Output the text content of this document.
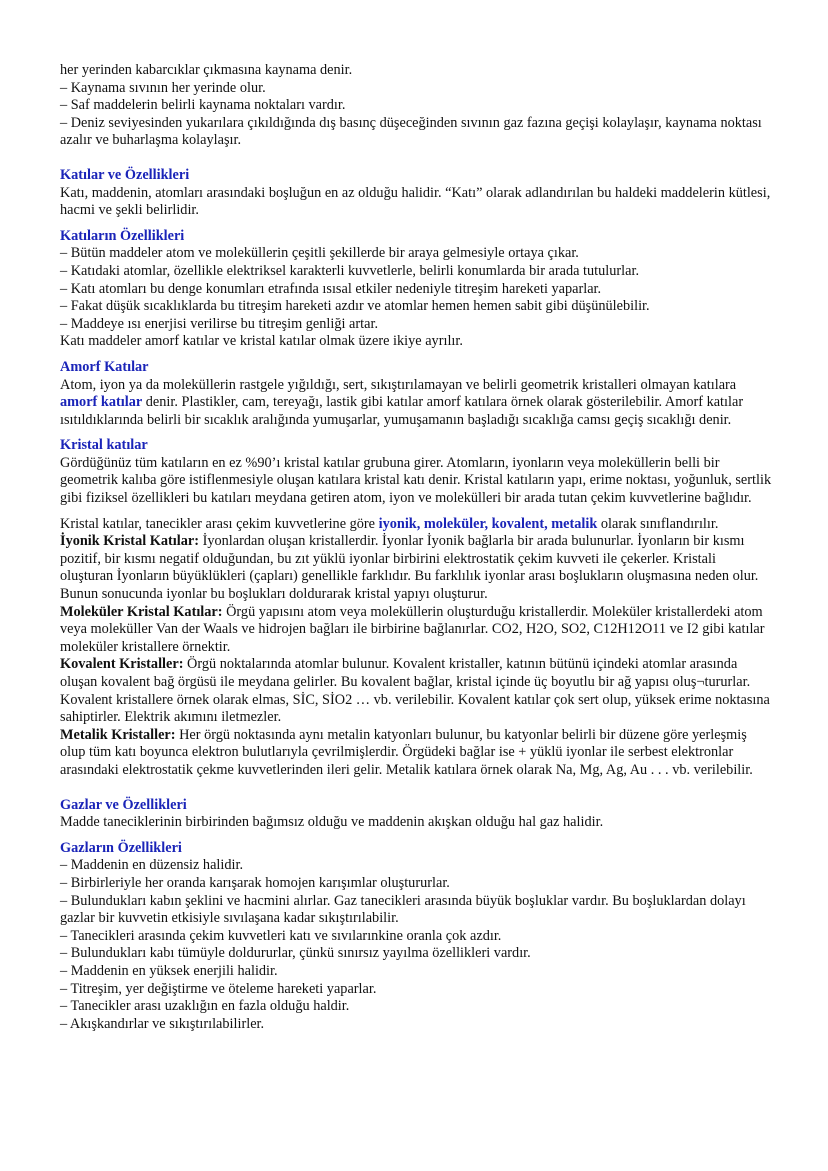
her yerinden kabarcıklar çıkmasına kaynama denir.

– Kaynama sıvının her yerinde olur.

– Saf maddelerin belirli kaynama noktaları vardır.

– Deniz seviyesinden yukarılara çıkıldığında dış basınç düşeceğinden sıvının gaz fazına geçişi kolaylaşır, kaynama noktası azalır ve buharlaşma kolaylaşır.

Katılar ve Özellikleri

Katı, maddenin, atomları arasındaki boşluğun en az olduğu halidir. “Katı” olarak adlandırılan bu haldeki maddelerin kütlesi, hacmi ve şekli belirlidir.

Katıların Özellikleri

– Bütün maddeler atom ve moleküllerin çeşitli şekillerde bir araya gelmesiyle ortaya çıkar.

– Katıdaki atomlar, özellikle elektriksel karakterli kuvvetlerle, belirli konumlarda bir arada tutulurlar.

– Katı atomları bu denge konumları etrafında ısısal etkiler nedeniyle titreşim hareketi yaparlar.

– Fakat düşük sıcaklıklarda bu titreşim hareketi azdır ve atomlar hemen hemen sabit gibi düşünülebilir.

– Maddeye ısı enerjisi verilirse bu titreşim genliği artar.

Katı maddeler amorf katılar ve kristal katılar olmak üzere ikiye ayrılır.

Amorf Katılar

Atom, iyon ya da moleküllerin rastgele yığıldığı, sert, sıkıştırılamayan ve belirli geometrik kristalleri olmayan katılara amorf katılar denir. Plastikler, cam, tereyağı, lastik gibi katılar amorf katılara örnek olarak gösterilebilir. Amorf katılar ısıtıldıklarında belirli bir sıcaklık aralığında yumuşarlar, yumuşamanın başladığı sıcaklığa camsı geçiş sıcaklığı denir.

Kristal katılar

Gördüğünüz tüm katıların en ez %90’ı kristal katılar grubuna girer. Atomların, iyonların veya moleküllerin belli bir geometrik kalıba göre istiflenmesiyle oluşan katılara kristal katı denir. Kristal katıların yapı, erime noktası, yoğunluk, sertlik gibi fiziksel özellikleri bu katıları meydana getiren atom, iyon ve molekülleri bir arada tutan çekim kuvvetlerine bağlıdır.

Kristal katılar, tanecikler arası çekim kuvvetlerine göre iyonik, moleküler, kovalent, metalik olarak sınıflandırılır.

İyonik Kristal Katılar: İyonlardan oluşan kristallerdir. İyonlar İyonik bağlarla bir arada bulunurlar. İyonların bir kısmı pozitif, bir kısmı negatif olduğundan, bu zıt yüklü iyonlar birbirini elektrostatik çekim kuvveti ile çekerler. Kristali oluşturan İyonların büyüklükleri (çapları) genellikle farklıdır. Bu farklılık iyonlar arası boşlukların oluşmasına neden olur. Bunun sonucunda iyonlar bu boşlukları doldurarak kristal yapıyı oluşturur.

Moleküler Kristal Katılar: Örgü yapısını atom veya moleküllerin oluşturduğu kristallerdir. Moleküler kristallerdeki atom veya moleküller Van der Waals ve hidrojen bağları ile birbirine bağlanırlar. CO2, H2O, SO2, C12H12O11 ve I2 gibi katılar moleküler kristallere örnektir.

Kovalent Kristaller: Örgü noktalarında atomlar bulunur. Kovalent kristaller, katının bütünü içindeki atomlar arasında oluşan kovalent bağ örgüsü ile meydana gelirler. Bu kovalent bağlar, kristal içinde üç boyutlu bir ağ yapısı oluş¬tururlar. Kovalent kristallere örnek olarak elmas, SİC, SİO2 … vb. verilebilir. Kovalent katılar çok sert olup, yüksek erime noktasına sahiptirler. Elektrik akımını iletmezler.

Metalik Kristaller: Her örgü noktasında aynı metalin katyonları bulunur, bu katyonlar belirli bir düzene göre yerleşmiş olup tüm katı boyunca elektron bulutlarıyla çevrilmişlerdir. Örgüdeki bağlar ise + yüklü iyonlar ile serbest elektronlar arasındaki elektrostatik çekme kuvvetlerinden ileri gelir. Metalik katılara örnek olarak Na, Mg, Ag, Au . . . vb. verilebilir.

Gazlar ve Özellikleri

Madde taneciklerinin birbirinden bağımsız olduğu ve maddenin akışkan olduğu hal gaz halidir.

Gazların Özellikleri

– Maddenin en düzensiz halidir.

– Birbirleriyle her oranda karışarak homojen karışımlar oluştururlar.

– Bulundukları kabın şeklini ve hacmini alırlar. Gaz tanecikleri arasında büyük boşluklar vardır. Bu boşluklardan dolayı gazlar bir kuvvetin etkisiyle sıvılaşana kadar sıkıştırılabilir.

– Tanecikleri arasında çekim kuvvetleri katı ve sıvılarınkine oranla çok azdır.

– Bulundukları kabı tümüyle doldururlar, çünkü sınırsız yayılma özellikleri vardır.

– Maddenin en yüksek enerjili halidir.

– Titreşim, yer değiştirme ve öteleme hareketi yaparlar.

– Tanecikler arası uzaklığın en fazla olduğu haldir.

– Akışkandırlar ve sıkıştırılabilirler.
